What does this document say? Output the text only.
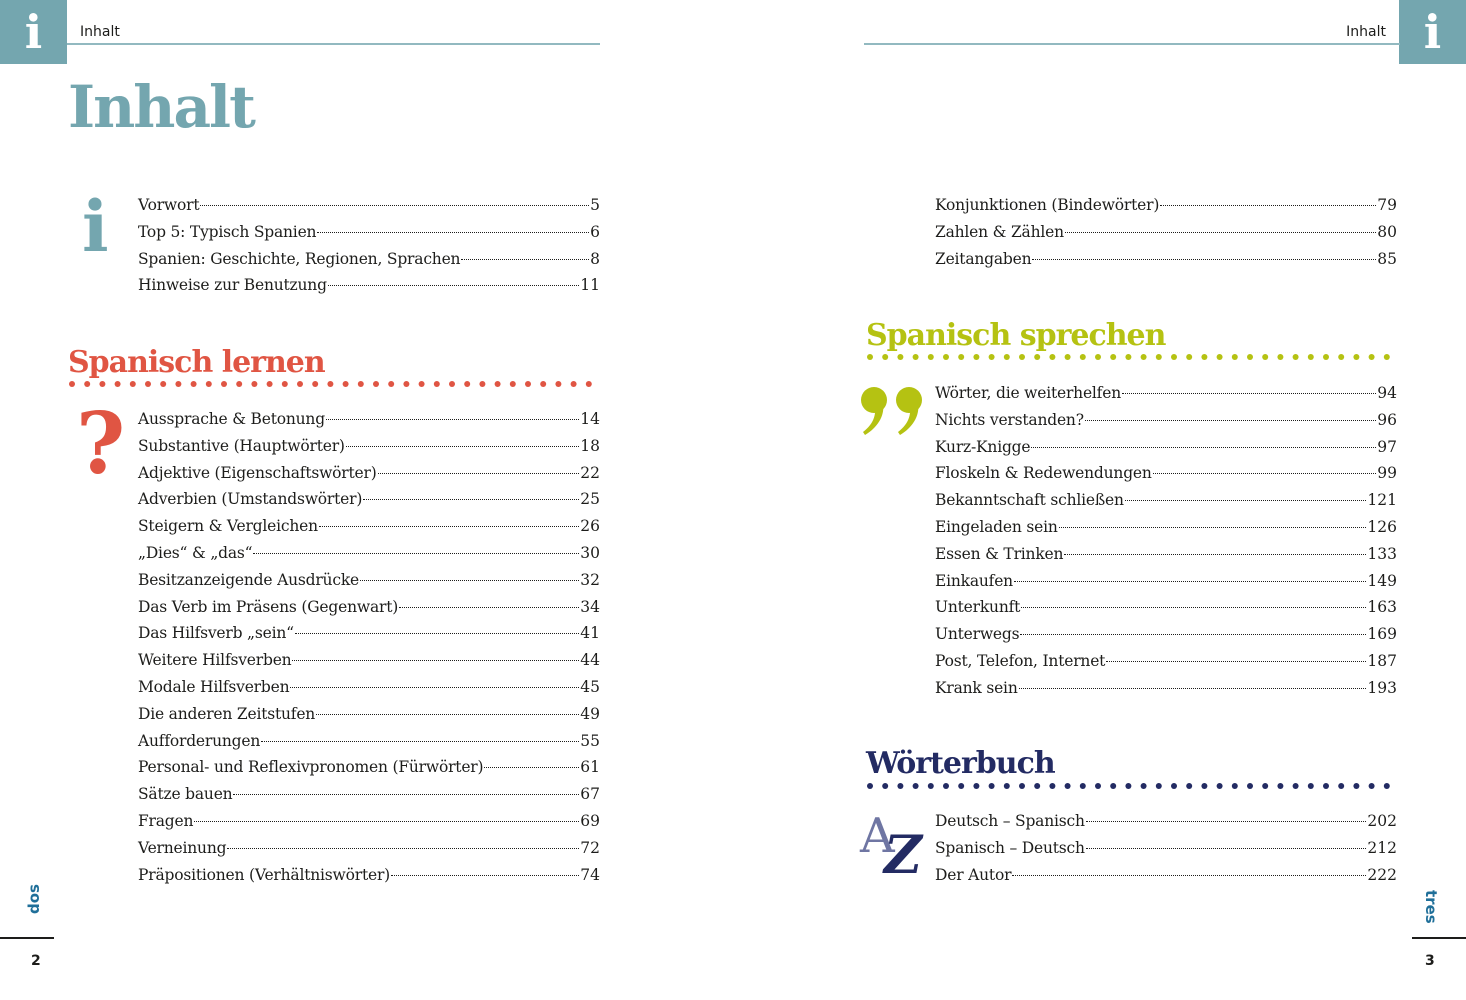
i	Inhalt
Inhalt
i Vorwort	5
Top 5: Typisch Spanien	6
Spanien: Geschichte, Regionen, Sprachen	8
Hinweise zur Benutzung	11
Spanisch lernen
? Aussprache & Betonung	14
Substantive (Hauptwörter)	18
Adjektive (Eigenschaftswörter)	22
Adverbien (Umstandswörter)	25
Steigern & Vergleichen	26
„Dies“ & „das“	30
Besitzanzeigende Ausdrücke	32
Das Verb im Präsens (Gegenwart)	34
Das Hilfsverb „sein“	41
Weitere Hilfsverben	44
Modale Hilfsverben	45
Die anderen Zeitstufen	49
Aufforderungen	55
Personal- und Reflexivpronomen (Fürwörter)	61
Sätze bauen	67
Fragen	69
Verneinung	72
Präpositionen (Verhältniswörter)	74
dos
2
i
Inhalt
Konjunktionen (Bindewörter)	79
Zahlen & Zählen	80
Zeitangaben	85
Spanisch sprechen
Wörter, die weiterhelfen	94
Nichts verstanden?	96
Kurz-Knigge	97
Floskeln & Redewendungen	99
Bekanntschaft schließen	121
Eingeladen sein	126
Essen & Trinken	133
Einkaufen	149
Unterkunft	163
Unterwegs	169
Post, Telefon, Internet	187
Krank sein	193
Wörterbuch
A
Z
Deutsch – Spanisch	202
Spanisch – Deutsch	212
Der Autor	222
tres
3
